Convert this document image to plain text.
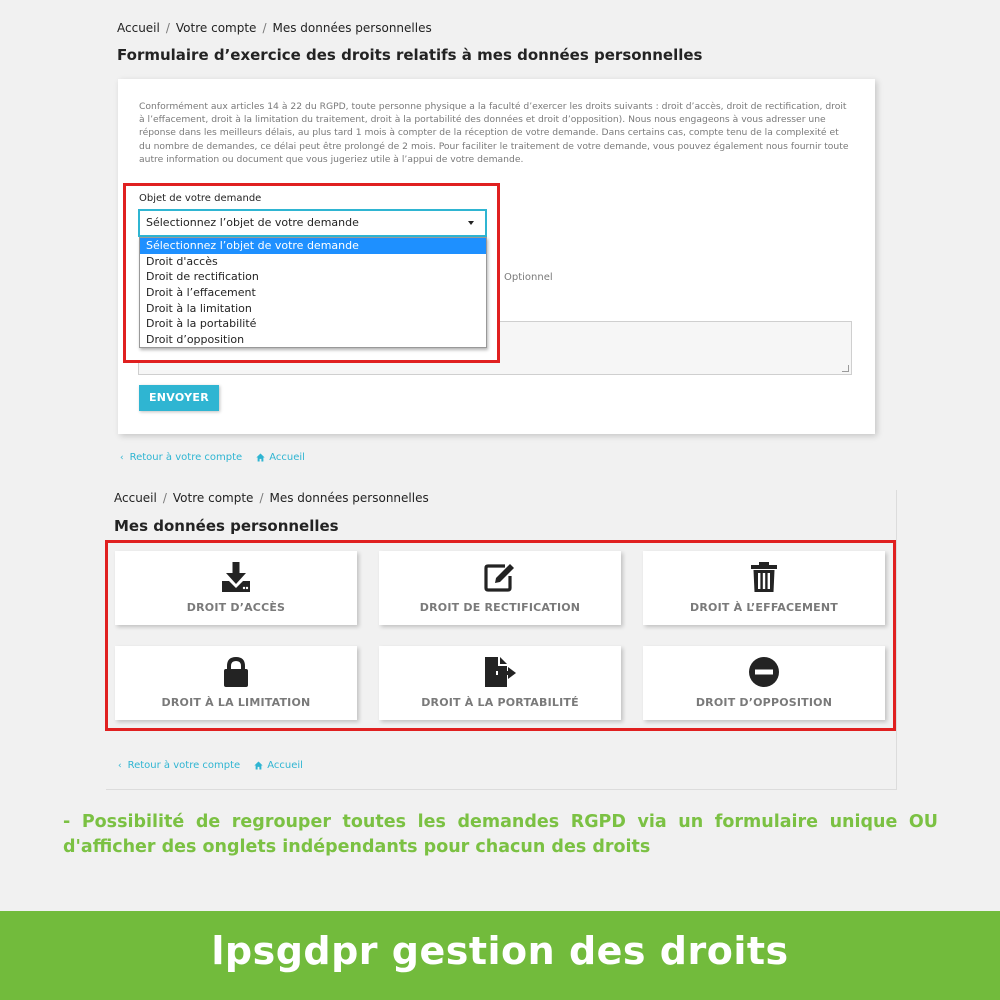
Accueil / Votre compte / Mes données personnelles
Formulaire d’exercice des droits relatifs à mes données personnelles

Conformément aux articles 14 à 22 du RGPD, toute personne physique a la faculté d’exercer les droits suivants : droit d’accès, droit de rectification, droit à l’effacement, droit à la limitation du traitement, droit à la portabilité des données et droit d’opposition). Nous nous engageons à vous adresser une réponse dans les meilleurs délais, au plus tard 1 mois à compter de la réception de votre demande. Dans certains cas, compte tenu de la complexité et du nombre de demandes, ce délai peut être prolongé de 2 mois. Pour faciliter le traitement de votre demande, vous pouvez également nous fournir toute autre information ou document que vous jugeriez utile à l’appui de votre demande.

Optionnel
ENVOYER
Objet de votre demande
Sélectionnez l’objet de votre demande
Sélectionnez l’objet de votre demande
Droit d'accès
Droit de rectification
Droit à l’effacement
Droit à la limitation
Droit à la portabilité
Droit d’opposition
‹ Retour à votre compte	Accueil
Accueil / Votre compte / Mes données personnelles
Mes données personnelles
DROIT D’ACCÈS	DROIT DE RECTIFICATION	DROIT À L’EFFACEMENT
DROIT À LA LIMITATION	DROIT À LA PORTABILITÉ	DROIT D’OPPOSITION
‹ Retour à votre compte	Accueil

- Possibilité de regrouper toutes les demandes RGPD via un formulaire unique OU d'afficher des onglets indépendants pour chacun des droits

lpsgdpr gestion des droits
